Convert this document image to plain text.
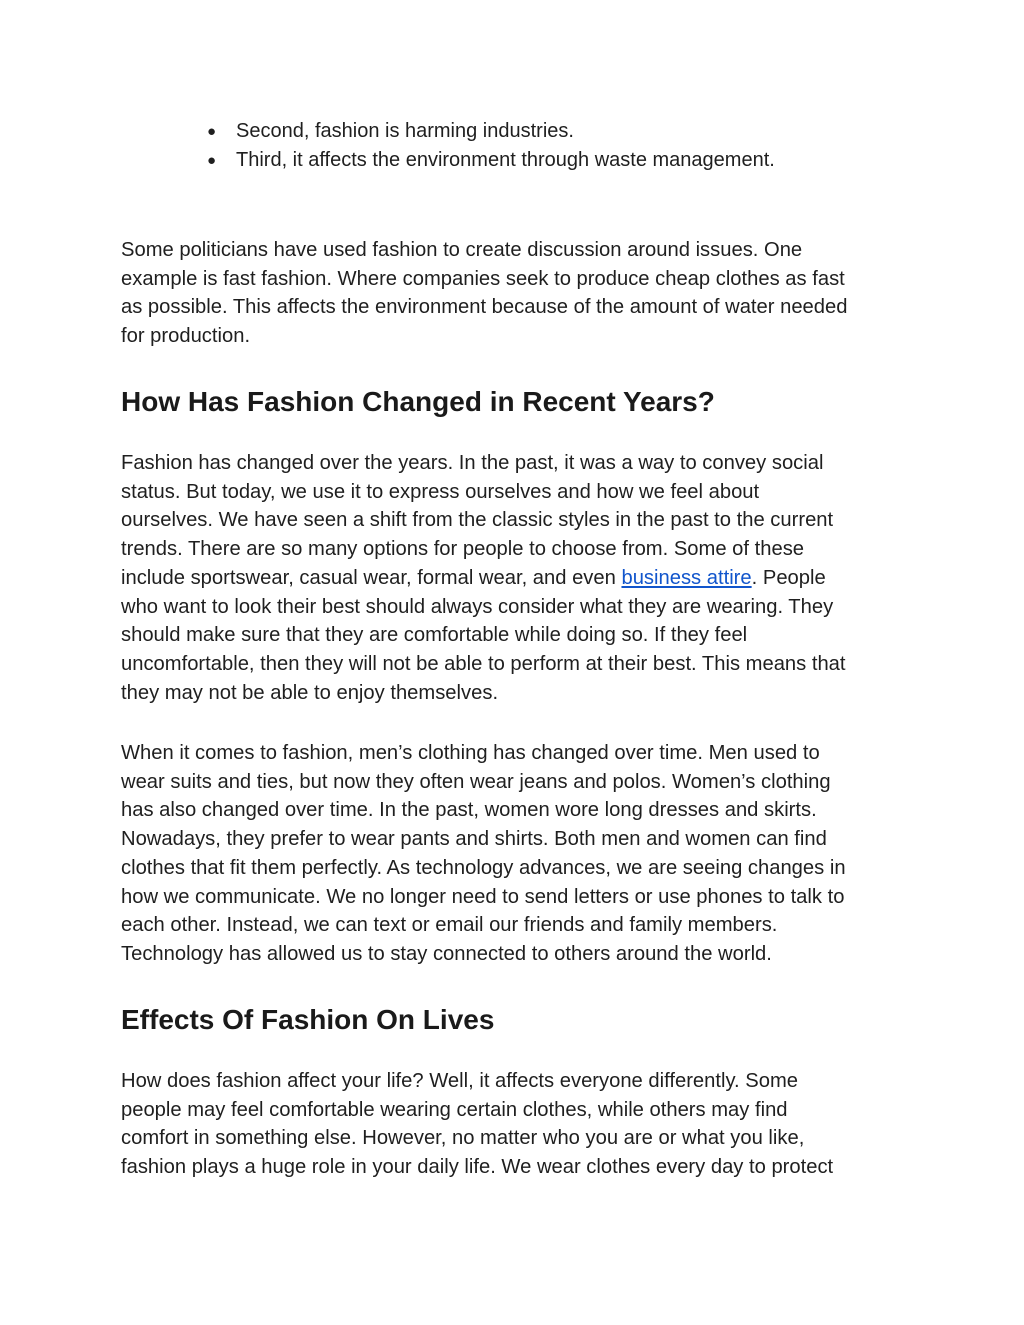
● Second, fashion is harming industries.
● Third, it affects the environment through waste management.

Some politicians have used fashion to create discussion around issues. One
example is fast fashion. Where companies seek to produce cheap clothes as fast
as possible. This affects the environment because of the amount of water needed
for production.

How Has Fashion Changed in Recent Years?

Fashion has changed over the years. In the past, it was a way to convey social
status. But today, we use it to express ourselves and how we feel about
ourselves. We have seen a shift from the classic styles in the past to the current
trends. There are so many options for people to choose from. Some of these
include sportswear, casual wear, formal wear, and even business attire. People
who want to look their best should always consider what they are wearing. They
should make sure that they are comfortable while doing so. If they feel
uncomfortable, then they will not be able to perform at their best. This means that
they may not be able to enjoy themselves.

When it comes to fashion, men’s clothing has changed over time. Men used to
wear suits and ties, but now they often wear jeans and polos. Women’s clothing
has also changed over time. In the past, women wore long dresses and skirts.
Nowadays, they prefer to wear pants and shirts. Both men and women can find
clothes that fit them perfectly. As technology advances, we are seeing changes in
how we communicate. We no longer need to send letters or use phones to talk to
each other. Instead, we can text or email our friends and family members.
Technology has allowed us to stay connected to others around the world.

Effects Of Fashion On Lives

How does fashion affect your life? Well, it affects everyone differently. Some
people may feel comfortable wearing certain clothes, while others may find
comfort in something else. However, no matter who you are or what you like,
fashion plays a huge role in your daily life. We wear clothes every day to protect
